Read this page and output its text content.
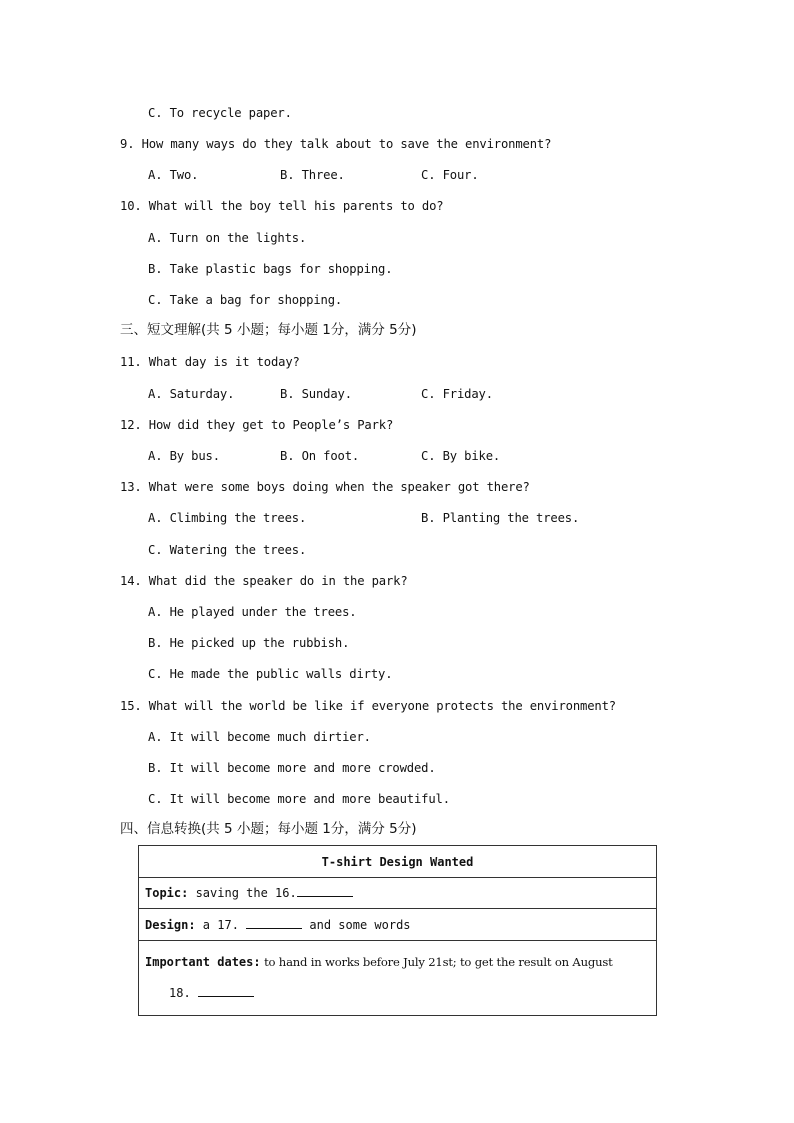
C. To recycle paper.
9. How many ways do they talk about to save the environment?
A. Two.	B. Three.	C. Four.
10. What will the boy tell his parents to do?
A. Turn on the lights.
B. Take plastic bags for shopping.
C. Take a bag for shopping.
三、短文理解(共 5 小题；每小题 1分，满分 5分)
11. What day is it today?
A. Saturday.	B. Sunday.	C. Friday.
12. How did they get to People’s Park?
A. By bus.	B. On foot.	C. By bike.
13. What were some boys doing when the speaker got there?
A. Climbing the trees.	B. Planting the trees.
C. Watering the trees.
14. What did the speaker do in the park?
A. He played under the trees.
B. He picked up the rubbish.
C. He made the public walls dirty.
15. What will the world be like if everyone protects the environment?
A. It will become much dirtier.
B. It will become more and more crowded.
C. It will become more and more beautiful.
四、信息转换(共 5 小题；每小题 1分，满分 5分)
T-shirt Design Wanted
Topic: saving the 16.
Design: a 17.	and some words
Important dates: to hand in works before July 21st; to get the result on August
18.
